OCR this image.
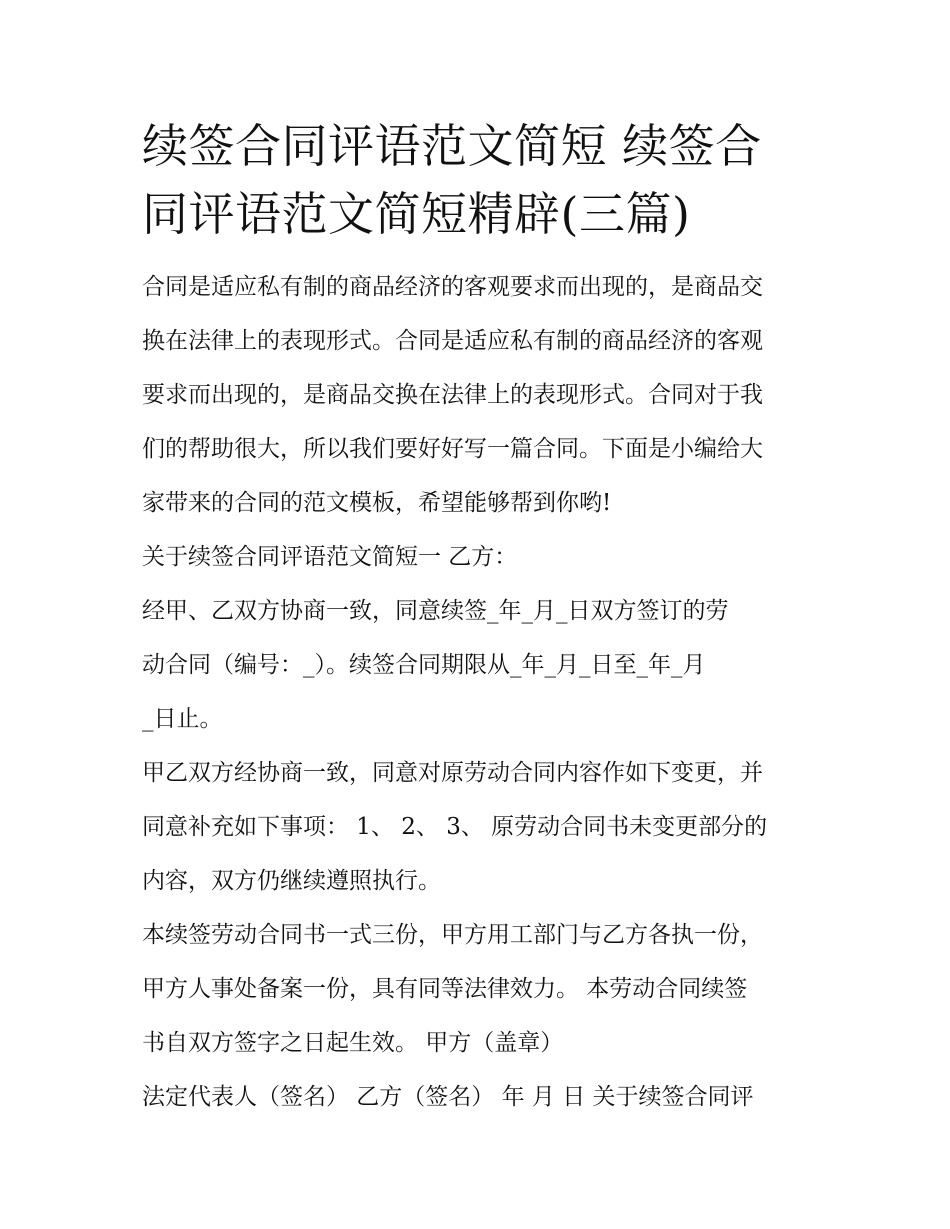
续签合同评语范文简短 续签合
同评语范文简短精辟(三篇)

合同是适应私有制的商品经济的客观要求而出现的，是商品交
换在法律上的表现形式。合同是适应私有制的商品经济的客观
要求而出现的，是商品交换在法律上的表现形式。合同对于我
们的帮助很大，所以我们要好好写一篇合同。下面是小编给大
家带来的合同的范文模板，希望能够帮到你哟!

关于续签合同评语范文简短一 乙方：

经甲、乙双方协商一致，同意续签_年_月_日双方签订的劳
动合同（编号：_）。续签合同期限从_年_月_日至_年_月
_日止。

甲乙双方经协商一致，同意对原劳动合同内容作如下变更，并
同意补充如下事项： 1、 2、 3、 原劳动合同书未变更部分的
内容，双方仍继续遵照执行。

本续签劳动合同书一式三份，甲方用工部门与乙方各执一份，
甲方人事处备案一份，具有同等法律效力。 本劳动合同续签
书自双方签字之日起生效。 甲方（盖章）

法定代表人（签名） 乙方（签名） 年 月 日 关于续签合同评
